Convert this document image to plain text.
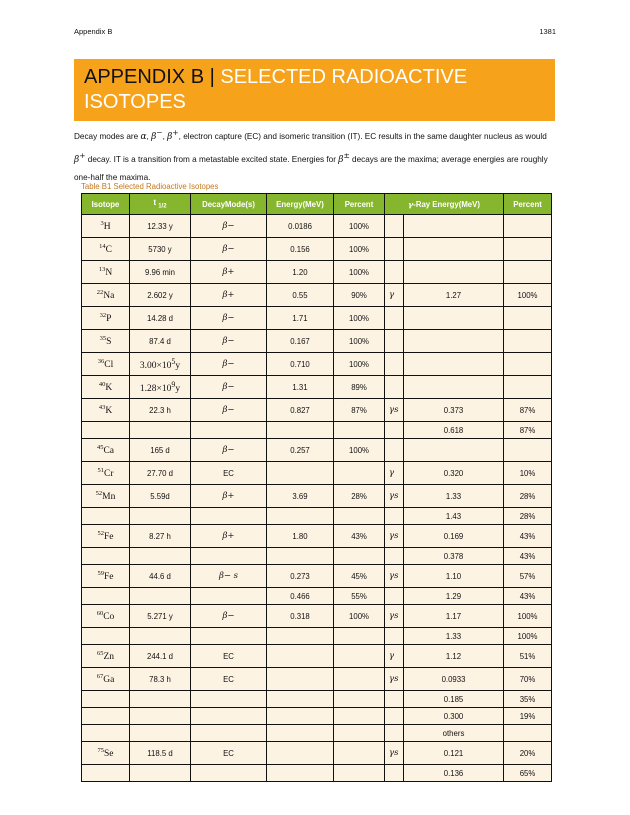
Appendix B	1381
APPENDIX B | SELECTED RADIOACTIVE ISOTOPES
Decay modes are α, β−, β+, electron capture (EC) and isomeric transition (IT). EC results in the same daughter nucleus as would β+ decay. IT is a transition from a metastable excited state. Energies for β± decays are the maxima; average energies are roughly one-half the maxima.
Table B1 Selected Radioactive Isotopes
Isotope	t $_{1/2}$	DecayMode(s)	Energy(MeV)	Percent	γ-Ray Energy(MeV)		Percent
$^3$H	12.33 y	β−	0.0186	100%			
$^{14}$C	5730 y	β−	0.156	100%			
$^{13}$N	9.96 min	β+	1.20	100%			
$^{22}$Na	2.602 y	β+	0.55	90%	γ	1.27	100%
$^{32}$P	14.28 d	β−	1.71	100%			
$^{35}$S	87.4 d	β−	0.167	100%			
$^{36}$Cl	$3.00\times 10^5y$	β−	0.710	100%			
$^{40}$K	$1.28\times 10^9y$	β−	1.31	89%			
$^{43}$K	22.3 h	β−	0.827	87%	γs	0.373	87%
						0.618	87%
$^{45}$Ca	165 d	β−	0.257	100%			
$^{51}$Cr	27.70 d	EC			γ	0.320	10%
$^{52}$Mn	5.59d	β+	3.69	28%	γs	1.33	28%
						1.43	28%
$^{52}$Fe	8.27 h	β+	1.80	43%	γs	0.169	43%
						0.378	43%
$^{59}$Fe	44.6 d	β− s	0.273	45%	γs	1.10	57%
			0.466	55%		1.29	43%
$^{60}$Co	5.271 y	β−	0.318	100%	γs	1.17	100%
						1.33	100%
$^{65}$Zn	244.1 d	EC			γ	1.12	51%
$^{67}$Ga	78.3 h	EC			γs	0.0933	70%
						0.185	35%
						0.300	19%
						others	
$^{75}$Se	118.5 d	EC			γs	0.121	20%
						0.136	65%
